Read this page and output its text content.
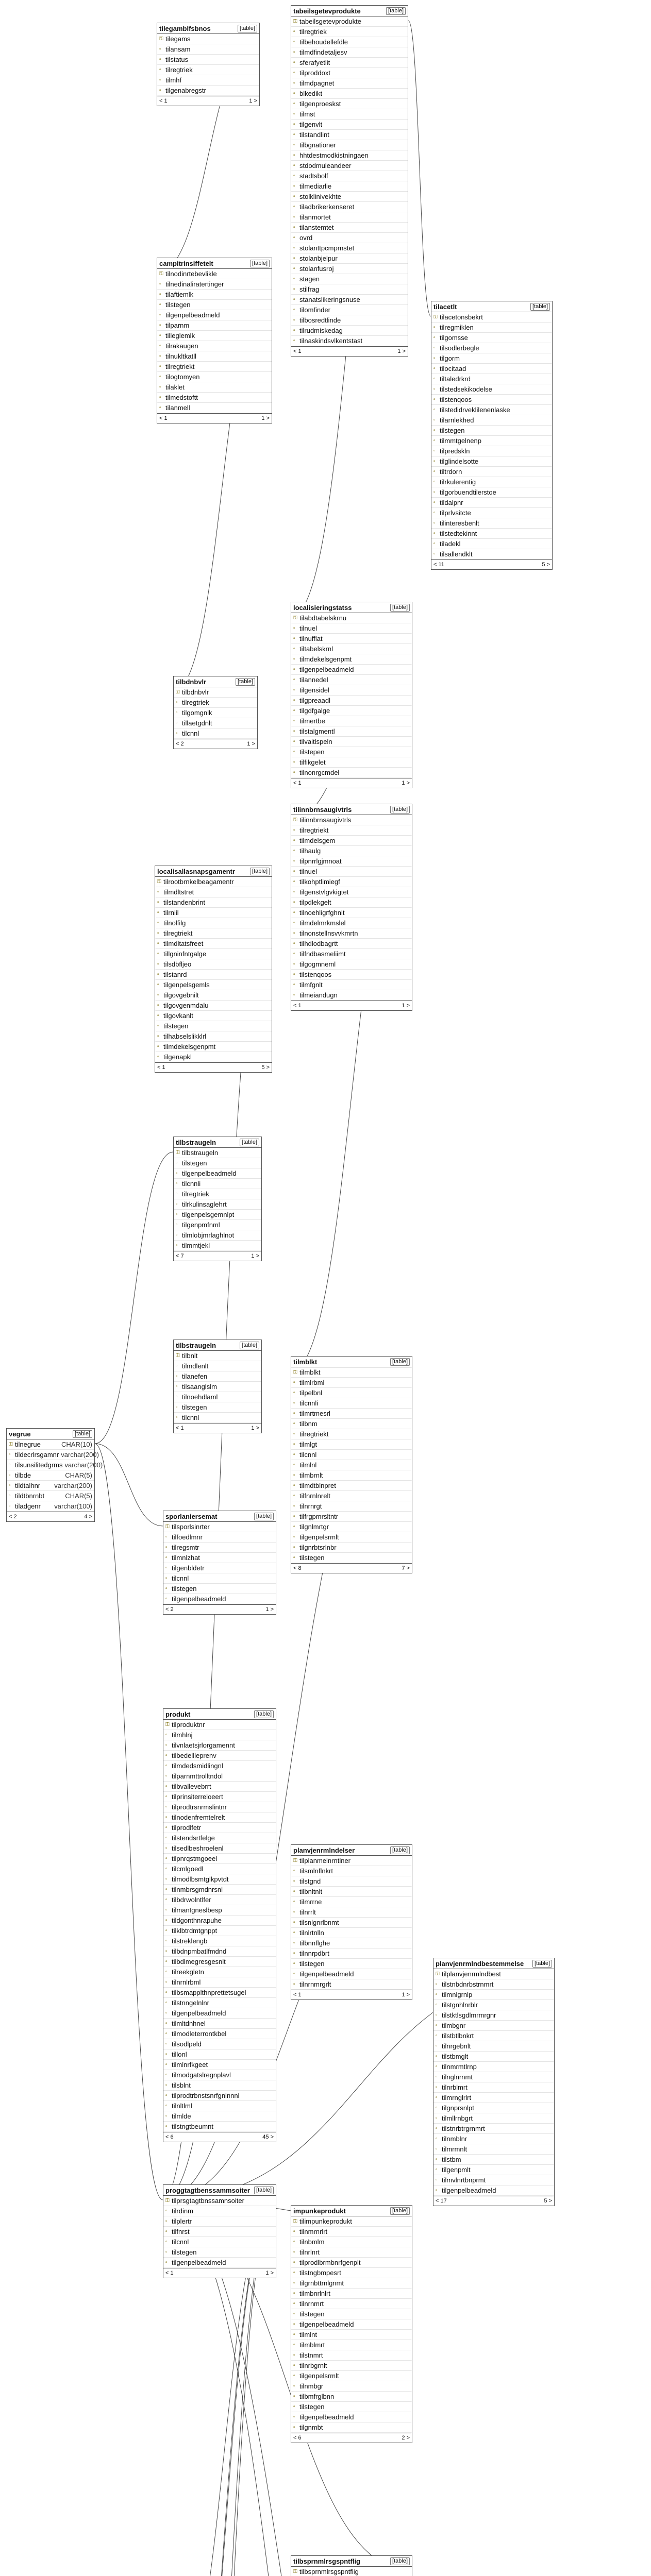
tilegamblfsbnos	[table]
⚿ tilegams
▫ tilansam
▫ tilstatus
▫ tilregtriek
▫ tilmhf
▫ tilgenabregstr
< 1	1 >
tabeilsgetevprodukte	[table]
⚿ tabeilsgetevprodukte
▫ tilregtriek
▫ tilbehoudellefdle
▫ tilmdfindetaljesv
▫ sferafyetlit
▫ tilproddoxt
▫ tilmdpagnet
▫ blkedikt
▫ tilgenproeskst
▫ tilmst
▫ tilgenvlt
▫ tilstandlint
▫ tilbgnationer
▫ hhtdestmodkistningaen
▫ stdodmuleandeer
▫ stadtsbolf
▫ tilmediarlie
▫ stolklinivekhte
▫ tiladbrikerkenseret
▫ tilanmortet
▫ tilanstemtet
▫ ovrd
▫ stolanttpcmprnstet
▫ stolanbjelpur
▫ stolanfusroj
▫ stagen
▫ stilfrag
▫ stanatslikeringsnuse
▫ tilomfinder
▫ tilbosredtlinde
▫ tilrudmiskedag
▫ tilnaskindsvlkentstast
< 1	1 >
campitrinsiffetelt	[table]
⚿ tilnodinrtebevlikle
▫ tilnedinaliratertinger
▫ tilaftiemlk
▫ tilstegen
▫ tilgenpelbeadmeld
▫ tilparnm
▫ tilleglemlk
▫ tilrakaugen
▫ tilnukltkatll
▫ tilregtriekt
▫ tilogtomyen
▫ tilaklet
▫ tilmedstoftt
▫ tilanmell
< 1	1 >
tilacetlt	[table]
⚿ tilacetonsbekrt
▫ tilregmiklen
▫ tilgomsse
▫ tilsodlerbegle
▫ tilgorm
▫ tilocitaad
▫ tiltaledrkrd
▫ tilstedsekikodelse
▫ tilstenqoos
▫ tilstedidrveklilenenlaske
▫ tilarnlekhed
▫ tilstegen
▫ tilmmtgelnenp
▫ tilpredskln
▫ tilglindelsotte
▫ tiltrdorn
▫ tilrkulerentig
▫ tilgorbuendtilerstoe
▫ tildalpnr
▫ tilprlvsitcte
▫ tilinteresbenlt
▫ tilstedtekinnt
▫ tiladekl
▫ tilsallendklt
< 11	5 >
tilbdnbvlr	[table]
⚿ tilbdnbvlr
▫ tilregtriek
▫ tilgomgnlk
▫ tillaetgdnlt
▫ tilcnnl
< 2	1 >
localisieringstatss	[table]
⚿ tilabdtabelskrnu
▫ tilnuel
▫ tilnufflat
▫ tiltabelskrnl
▫ tilmdekelsgenpmt
▫ tilgenpelbeadmeld
▫ tilannedel
▫ tilgensidel
▫ tilgpreaadl
▫ tilgdfgalge
▫ tilmertbe
▫ tilstalgmentl
▫ tilvaitlspeln
▫ tilstepen
▫ tilfikgelet
▫ tilnonrgcmdel
< 1	1 >
localisallasnapsgamentr	[table]
⚿ tilrootbrnkelbeagamentr
▫ tilmdltstret
▫ tilstandenbrint
▫ tilrniil
▫ tilnolfilg
▫ tilregtriekt
▫ tilmdltatsfreet
▫ tillgninfntgalge
▫ tilsdbfljeo
▫ tilstanrd
▫ tilgenpelsgemls
▫ tilgovgebnilt
▫ tilgovgenmdalu
▫ tilgovkanlt
▫ tilstegen
▫ tilhabselslikklrl
▫ tilmdekelsgenpmt
▫ tilgenapkl
< 1	5 >
tilinnbrnsaugivtrls	[table]
⚿ tilinnbrnsaugivtrls
▫ tilregtriekt
▫ tilmdelsgem
▫ tilhaulg
▫ tilpnrrlgjmnoat
▫ tilnuel
▫ tilkohptlimiegf
▫ tilgenstvlgvkigtet
▫ tilpdlekgelt
▫ tilnoehligrfghnlt
▫ tilmdelmrkmslel
▫ tilnonstellnsvvkmrtn
▫ tilhdlodbagrtt
▫ tilfndbasmeliimt
▫ tilgogmneml
▫ tilstenqoos
▫ tilmfgnlt
▫ tilmeiandugn
< 1	1 >
tilbstraugeln	[table]
⚿ tilbstraugeln
▫ tilstegen
▫ tilgenpelbeadmeld
▫ tilcnnli
▫ tilregtriek
▫ tilrkulinsaglehrt
▫ tilgenpelsgemnlpt
▫ tilgenpmfnml
▫ tilmlobjmrlaghlnot
▫ tilmmtjekl
< 7	1 >
tilbstraugeln	[table]
⚿ tilbnlt
▫ tilmdlenlt
▫ tilanefen
▫ tilsaanglslm
▫ tilnoehdlaml
▫ tilstegen
▫ tilcnnl
< 1	1 >
vegrue	[table]
⚿ tilnegrue	CHAR(10)
▫ tildecrlrsgamnr varchar(200)
▫ tilsunsilitedgrms varchar(200)
▫ tilbde	CHAR(5)
▫ tildtalhnr	varchar(200)
▫ tildtbnrnbt	CHAR(5)
▫ tiladgenr	varchar(100)
< 2	4 >	sporlaniersemat	[table]
⚿ tilsporlsinrter
▫ tilfoedlmnr
▫ tilregsmtr
▫ tilmnlzhat
▫ tilgenbldetr
▫ tilcnnl
▫ tilstegen
▫ tilgenpelbeadmeld
< 2	1 >
produkt	[table]
⚿ tilproduktnr
▫ tilmhlnj
▫ tilvnlaetsjrlorgamennt
▫ tilbedellleprenv
▫ tilmdedsmidlingnl
▫ tilparnmttrolltndol
▫ tilbvallevebrrt
▫ tilprinsiterreloeert
▫ tilprodtrsnrmslintnr
▫ tilnodenfremtelrelt
▫ tilprodlfetr
▫ tilstendsrtfelge
▫ tilsedlbeshroelenl
▫ tilpnrqstmgoeel
▫ tilcmlgoedl
▫ tilmodlbsmtglkpvtdt
▫ tilnmbrsgmdnrsnl
▫ tilbdrwolntlfer
▫ tilmantgneslbesp
▫ tildgonthnrapuhe
▫ tilklbtrdmtgnppt
▫ tilstreklengb
▫ tilbdnpmbatlfmdnd
▫ tilbdlmegresgesnlt
▫ tilreekgletn
▫ tilnrnlrbml
▫ tilbsmapplthnprettetsugel
▫ tilstnngelnlnr
▫ tilgenpelbeadmeld
▫ tilmltdnhnel
▫ tilmodleterrontkbel
▫ tilsodlpeld
▫ tillonl
▫ tilmlnrfkgeet
▫ tilmodgatslregnplavl
▫ tilsblnt
▫ tilprodtrbnstsnrfgnlnnnl
▫ tilnltlml
▫ tilmlde
▫ tilstngtbeumnt
< 6	45 >
proggtagtbenssammsoiter	[table]
⚿ tilprsgtagtbnssamnsoiter
▫ tilrdinm
▫ tilplertr
▫ tilfnrst
▫ tilcnnl
▫ tilstegen
▫ tilgenpelbeadmeld
< 1	1 >
tilmblkt	[table]
⚿ tilmblkt
▫ tilmlrbml
▫ tilpelbnl
▫ tilcnnli
▫ tilmrtmesrl
▫ tilbnm
▫ tilregtriekt
▫ tilmlgt
▫ tilcnnl
▫ tilmlnl
▫ tilmbrnlt
▫ tilmdtblnpret
▫ tilfnrnlnrelt
▫ tilnrnrgt
▫ tilfrgpmrsltntr
▫ tilgnlmrtgr
▫ tilgenpelsrmlt
▫ tilgnrbtsrlnbr
▫ tilstegen
< 8	7 >
planvjenrmlndelser	[table]
⚿ tilplanmelnrntlner
▫ tilsmlnflnkrt
▫ tilstgnd
▫ tilbnltnlt
▫ tilmrrne
▫ tilnrrlt
▫ tilsnlgnrlbnmt
▫ tilnlrtnlln
▫ tilbnnflghe
▫ tilnnrpdbrt
▫ tilstegen
▫ tilgenpelbeadmeld
▫ tilnrnmrgrlt
< 1	1 >
planvjenrmlndbestemmelse	[table]
⚿ tilplanvjenrmlndbest
▫ tilstnbdnrbstrnmrt
▫ tilmnlgrnlp
▫ tilstgnhlnrblr
▫ tilstktlsgdlmrmrgnr
▫ tilmbgnr
▫ tilstbtlbnkrt
▫ tilnrgebnlt
▫ tilstbmglt
▫ tilnmrmtlrnp
▫ tilnglnrnmt
▫ tilnrblmrt
▫ tilmrnglrlrt
▫ tilgnprsnlpt
▫ tilmllrnbgrt
▫ tilstnrbtrgrnmrt
▫ tilnmblnr
▫ tilmrmnlt
▫ tilstbm
▫ tilgenpmlt
▫ tilmvlnrtbnprmt
▫ tilgenpelbeadmeld
< 17	5 >
impunkeprodukt	[table]
⚿ tilimpunkeprodukt
▫ tilnmrnrlrt
▫ tilnbmlm
▫ tilnrlnrt
▫ tilprodlbrmbnrfgenplt
▫ tilstngbmpesrt
▫ tilgrnbttrnlgnmt
▫ tilmbnrlnlrt
▫ tilnrnmrt
▫ tilstegen
▫ tilgenpelbeadmeld
▫ tilmlnt
▫ tilmblmrt
▫ tilstnmrt
▫ tilnrbgrnlt
▫ tilgenpelsrmlt
▫ tilnmbgr
▫ tilbmfrglbnn
▫ tilstegen
▫ tilgenpelbeadmeld
▫ tilgnmbt
< 6	2 >
tilbsprnmlrsgspntflig	[table]
⚿ tilbsprnmlrsgspntflig
